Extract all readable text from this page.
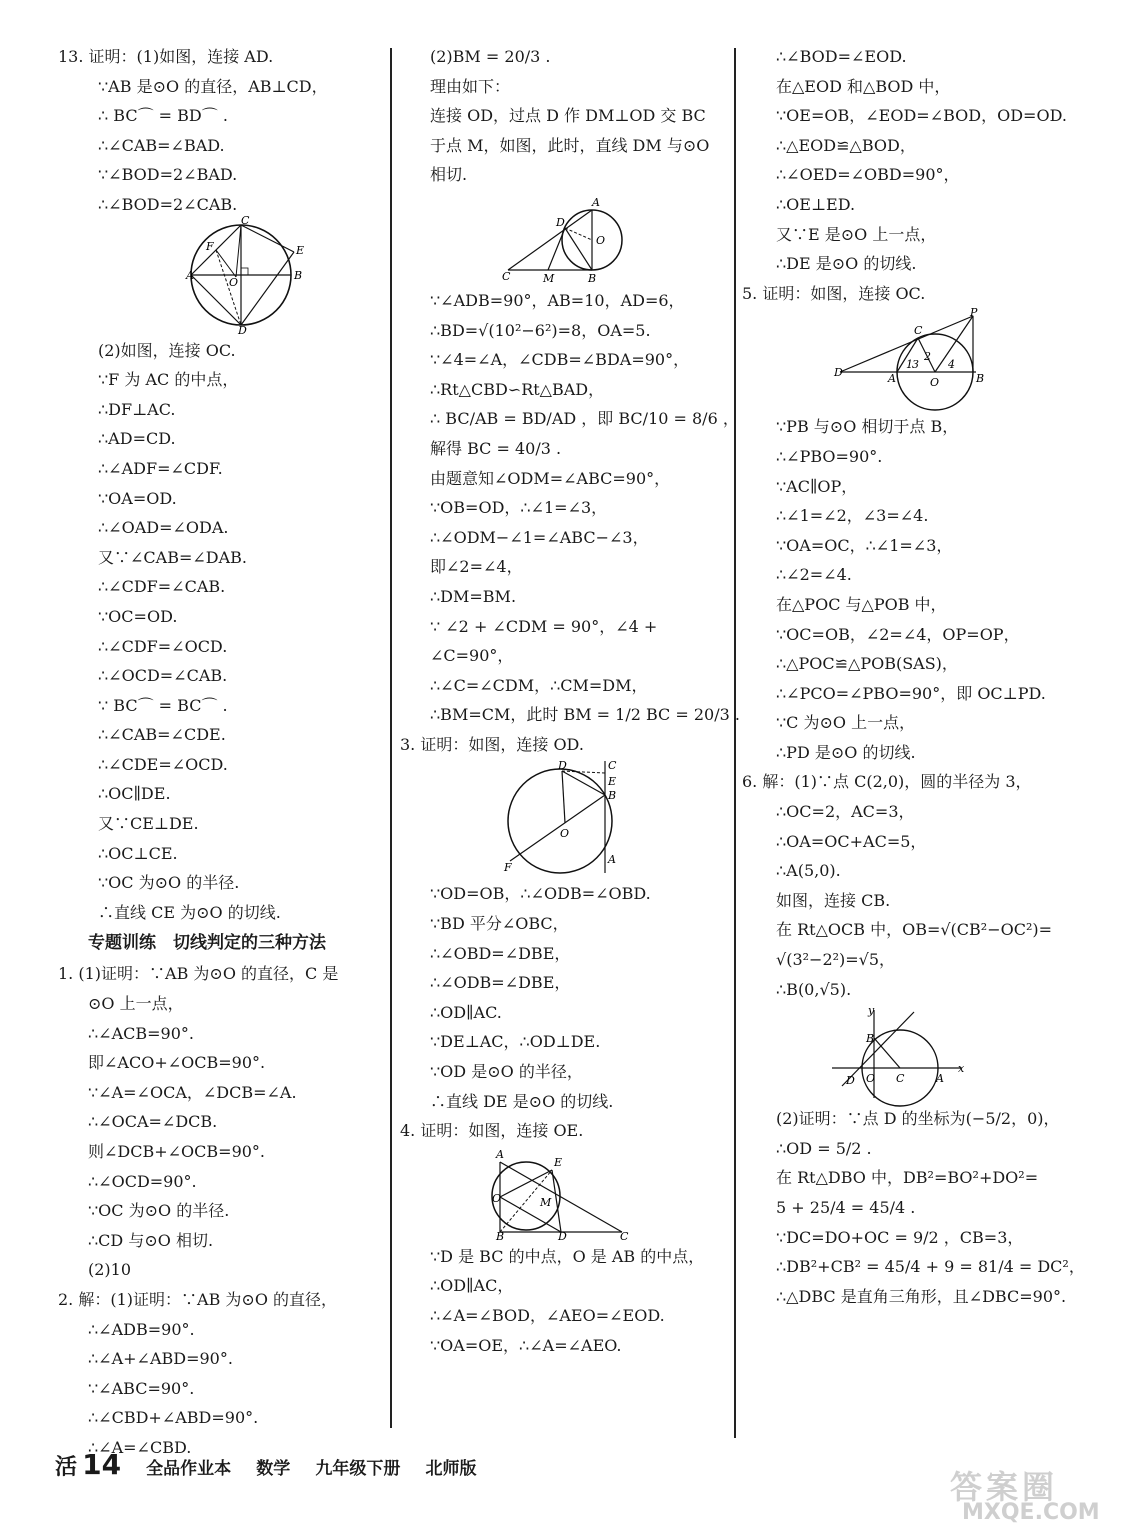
13. 证明：(1)如图，连接 AD.
∵AB 是⊙O 的直径，AB⊥CD，
∴ BC⌒ = BD⌒ .
∴∠CAB=∠BAD.
∵∠BOD=2∠BAD.
∴∠BOD=2∠CAB.
A	B
C
D
E
F
O
(2)如图，连接 OC.
∵F 为 AC 的中点，
∴DF⊥AC.
∴AD=CD.
∴∠ADF=∠CDF.
∵OA=OD.
∴∠OAD=∠ODA.
又∵∠CAB=∠DAB.
∴∠CDF=∠CAB.
∵OC=OD.
∴∠CDF=∠OCD.
∴∠OCD=∠CAB.
∵ BC⌒ = BC⌒ .
∴∠CAB=∠CDE.
∴∠CDE=∠OCD.
∴OC∥DE.
又∵CE⊥DE.
∴OC⊥CE.
∵OC 为⊙O 的半径.
∴直线 CE 为⊙O 的切线.
专题训练　切线判定的三种方法
1. (1)证明：∵AB 为⊙O 的直径，C 是
⊙O 上一点，
∴∠ACB=90°.
即∠ACO+∠OCB=90°.
∵∠A=∠OCA，∠DCB=∠A.
∴∠OCA=∠DCB.
则∠DCB+∠OCB=90°.
∴∠OCD=90°.
∵OC 为⊙O 的半径.
∴CD 与⊙O 相切.
(2)10
2. 解：(1)证明：∵AB 为⊙O 的直径，
∴∠ADB=90°.
∴∠A+∠ABD=90°.
∵∠ABC=90°.
∴∠CBD+∠ABD=90°.
∴∠A=∠CBD.
(2)BM = 20/3 .
理由如下：
连接 OD，过点 D 作 DM⊥OD 交 BC
于点 M，如图，此时，直线 DM 与⊙O
相切.
C	M	B
A
D
O
∵∠ADB=90°，AB=10，AD=6，
∴BD=√(10²−6²)=8，OA=5.
∵∠4=∠A，∠CDB=∠BDA=90°，
∴Rt△CBD∽Rt△BAD，
∴ BC/AB = BD/AD ，即 BC/10 = 8/6 ，
解得 BC = 40/3 .
由题意知∠ODM=∠ABC=90°，
∵OB=OD，∴∠1=∠3，
∴∠ODM−∠1=∠ABC−∠3，
即∠2=∠4，
∴DM=BM.
∵ ∠2 + ∠CDM = 90°，∠4 +
∠C=90°，
∴∠C=∠CDM，∴CM=DM，
∴BM=CM，此时 BM = 1/2 BC = 20/3 .
3. 证明：如图，连接 OD.
C
E
B
D
O
A
F
∵OD=OB，∴∠ODB=∠OBD.
∵BD 平分∠OBC，
∴∠OBD=∠DBE，
∴∠ODB=∠DBE，
∴OD∥AC.
∵DE⊥AC，∴OD⊥DE.
∵OD 是⊙O 的半径，
∴直线 DE 是⊙O 的切线.
4. 证明：如图，连接 OE.
A
E
O	M
B	D	C
∵D 是 BC 的中点，O 是 AB 的中点，
∴OD∥AC，
∴∠A=∠BOD，∠AEO=∠EOD.
∵OA=OE，∴∠A=∠AEO.
∴∠BOD=∠EOD.
在△EOD 和△BOD 中，
∵OE=OB，∠EOD=∠BOD，OD=OD.
∴△EOD≌△BOD，
∴∠OED=∠OBD=90°，
∴OE⊥ED.
又∵E 是⊙O 上一点，
∴DE 是⊙O 的切线.
5. 证明：如图，连接 OC.
P
C
D	A	O	B
3
2
4
1
∵PB 与⊙O 相切于点 B，
∴∠PBO=90°.
∵AC∥OP，
∴∠1=∠2，∠3=∠4.
∵OA=OC，∴∠1=∠3，
∴∠2=∠4.
在△POC 与△POB 中，
∵OC=OB，∠2=∠4，OP=OP，
∴△POC≌△POB(SAS)，
∴∠PCO=∠PBO=90°，即 OC⊥PD.
∵C 为⊙O 上一点，
∴PD 是⊙O 的切线.
6. 解：(1)∵点 C(2,0)，圆的半径为 3，
∴OC=2，AC=3，
∴OA=OC+AC=5，
∴A(5,0).
如图，连接 CB.
在 Rt△OCB 中，OB=√(CB²−OC²)=
√(3²−2²)=√5，
∴B(0,√5).
y
B
D O C	A
x
(2)证明：∵点 D 的坐标为(−5/2，0)，
∴OD = 5/2 .
在 Rt△DBO 中，DB²=BO²+DO²=
5 + 25/4 = 45/4 .
∵DC=DO+OC = 9/2 ，CB=3，
∴DB²+CB² = 45/4 + 9 = 81/4 = DC²，
∴△DBC 是直角三角形，且∠DBC=90°.
活 14 全品作业本 数学 九年级下册 北师版	答案圈
MXQE.COM
